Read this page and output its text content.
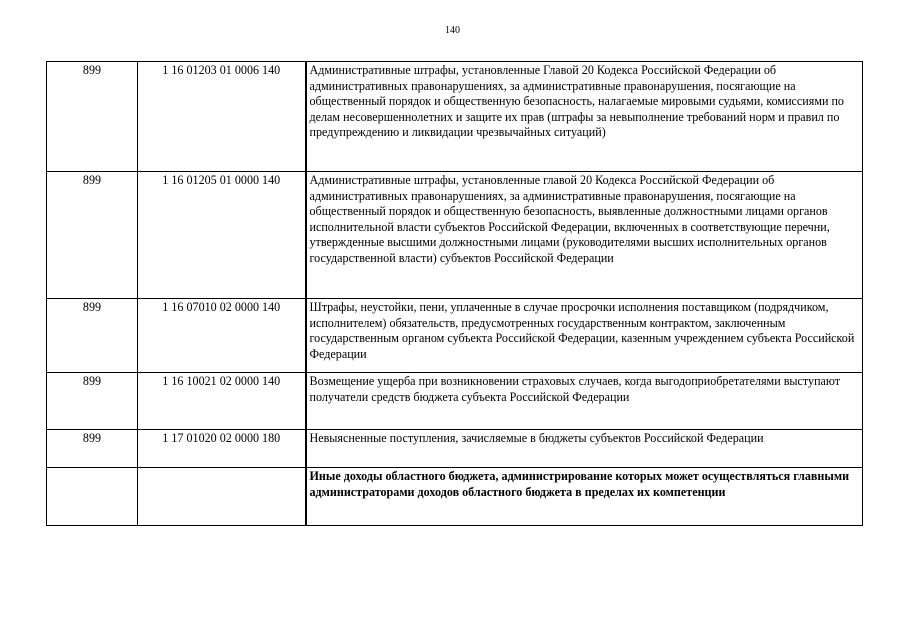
140
899	1 16 01203 01 0006 140	Административные штрафы, установленные Главой 20 Кодекса Российской Федерации об административных правонарушениях, за административные правонарушения, посягающие на общественный порядок и общественную безопасность, налагаемые мировыми судьями, комиссиями по делам несовершеннолетних и защите их прав (штрафы за невыполнение требований норм и правил по предупреждению и ликвидации чрезвычайных ситуаций)
899	1 16 01205 01 0000 140	Административные штрафы, установленные главой 20 Кодекса Российской Федерации об административных правонарушениях, за административные правонарушения, посягающие на общественный порядок и общественную безопасность, выявленные должностными лицами органов исполнительной власти субъектов Российской Федерации, включенных в соответствующие перечни, утвержденные высшими должностными лицами (руководителями высших исполнительных органов государственной власти) субъектов Российской Федерации
899	1 16 07010 02 0000 140	Штрафы, неустойки, пени, уплаченные в случае просрочки исполнения поставщиком (подрядчиком, исполнителем) обязательств, предусмотренных государственным контрактом, заключенным государственным органом субъекта Российской Федерации, казенным учреждением субъекта Российской Федерации
899	1 16 10021 02 0000 140	Возмещение ущерба при возникновении страховых случаев, когда выгодоприобретателями выступают получатели средств бюджета субъекта Российской Федерации
899	1 17 01020 02 0000 180	Невыясненные поступления, зачисляемые в бюджеты субъектов Российской Федерации
		Иные доходы областного бюджета, администрирование которых может осуществляться главными администраторами доходов областного бюджета в пределах их компетенции
